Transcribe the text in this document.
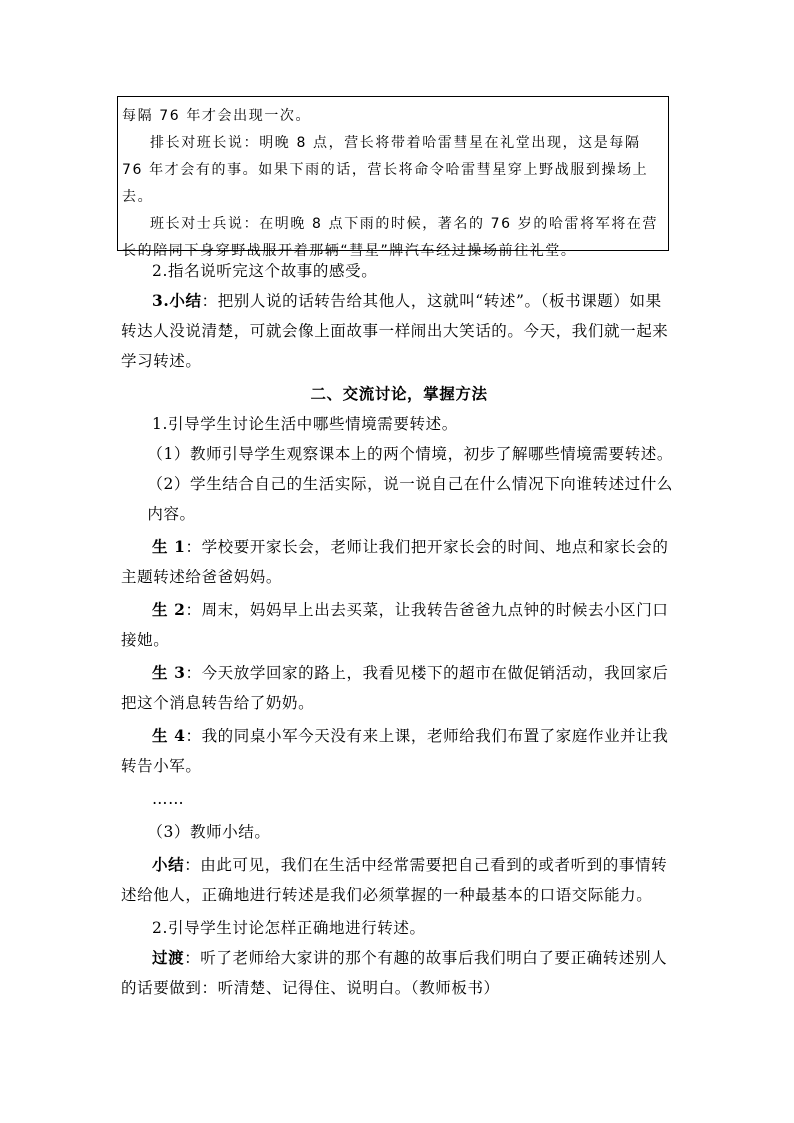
每隔 76 年才会出现一次。

排长对班长说：明晚 8 点，营长将带着哈雷彗星在礼堂出现，这是每隔 76 年才会有的事。如果下雨的话，营长将命令哈雷彗星穿上野战服到操场上去。

班长对士兵说：在明晚 8 点下雨的时候，著名的 76 岁的哈雷将军将在营长的陪同下身穿野战服开着那辆“彗星”牌汽车经过操场前往礼堂。

2.指名说听完这个故事的感受。

3.小结：把别人说的话转告给其他人，这就叫“转述”。（板书课题）如果转达人没说清楚，可就会像上面故事一样闹出大笑话的。今天，我们就一起来学习转述。

二、交流讨论，掌握方法

1.引导学生讨论生活中哪些情境需要转述。

（1）教师引导学生观察课本上的两个情境，初步了解哪些情境需要转述。

（2）学生结合自己的生活实际，说一说自己在什么情况下向谁转述过什么内容。

生 1：学校要开家长会，老师让我们把开家长会的时间、地点和家长会的主题转述给爸爸妈妈。

生 2：周末，妈妈早上出去买菜，让我转告爸爸九点钟的时候去小区门口接她。

生 3：今天放学回家的路上，我看见楼下的超市在做促销活动，我回家后把这个消息转告给了奶奶。

生 4：我的同桌小军今天没有来上课，老师给我们布置了家庭作业并让我转告小军。

……

（3）教师小结。

小结：由此可见，我们在生活中经常需要把自己看到的或者听到的事情转述给他人，正确地进行转述是我们必须掌握的一种最基本的口语交际能力。

2.引导学生讨论怎样正确地进行转述。

过渡：听了老师给大家讲的那个有趣的故事后我们明白了要正确转述别人的话要做到：听清楚、记得住、说明白。（教师板书）
